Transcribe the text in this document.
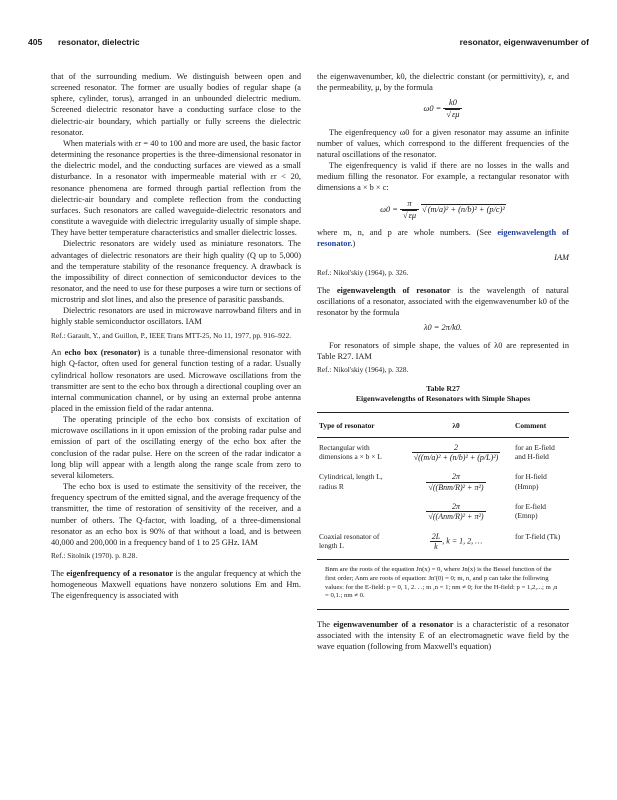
405 resonator, dielectric	resonator, eigenwavenumber of

that of the surrounding medium. We distinguish between open and screened resonator. The former are usually bodies of regular shape (a sphere, cylinder, torus), arranged in an unbounded dielectric medium. Screened dielectric resonator have a conducting surface close to the dielectric-air boundary, which partially or fully screens the dielectric resonator.

When materials with εr = 40 to 100 and more are used, the basic factor determining the resonance properties is the three-dimensional resonator in the dielectric model, and the conducting surfaces are viewed as a small disturbance. In a resonator with impermeable material with εr < 20, resonance phenomena are formed through partial reflection from the dielectric-air boundary and complete reflection from the conducting surfaces. Such resonators are called waveguide-dielectric resonators and constitute a waveguide with dielectric irregularity usually of simple shape. They have better temperature characteristics and smaller dielectric losses.

Dielectric resonators are widely used as miniature resonators. The advantages of dielectric resonators are their high quality (Q up to 5,000) and the temperature stability of the resonance frequency. A drawback is the impossibility of direct connection of semiconductor devices to the resonator, and the need to use for these purposes a wire turn or sections of microstrip and slot lines, and also the presence of parasitic passbands.

Dielectric resonators are used in microwave narrowband filters and in highly stable semiconductor oscillators. IAM

Ref.: Garault, Y., and Guillon, P., IEEE Trans MTT-25, No 11, 1977, pp. 916–922.

An echo box (resonator) is a tunable three-dimensional resonator with high Q-factor, often used for general function testing of a radar. Usually cylindrical hollow resonators are used. Microwave oscillations from the transmitter are sent to the echo box through a directional coupling over an internal communication channel, or by using an external probe antenna placed in the emission field of the radar antenna.

The operating principle of the echo box consists of excitation of microwave oscillations in it upon emission of the probing radar pulse and emission of part of the oscillating energy of the echo box after the conclusion of the radar pulse. Here on the screen of the radar indicator a long blip will appear with a length along the range scale from zero to several kilometers.

The echo box is used to estimate the sensitivity of the receiver, the frequency spectrum of the emitted signal, and the average frequency of the transmitter, the time of restoration of sensitivity of the receiver, and a number of others. The Q-factor, with loading, of a three-dimensional resonator as an echo box is 90% of that without a load, and is between 40,000 and 200,000 in a frequency band of 1 to 25 GHz. IAM

Ref.: Sitolnik (1970). p. 8.28.

The eigenfrequency of a resonator is the angular frequency at which the homogeneous Maxwell equations have nonzero solutions Em and Hm. The eigenfrequency is associated with

the eigenwavenumber, k0, the dielectric constant (or permittivity), ε, and the permeability, μ, by the formula

ω0 = k0
√ εμ

The eigenfrequency ω0 for a given resonator may assume an infinite number of values, which correspond to the different frequencies of the natural oscillations of the resonator.

The eigenfrequency is valid if there are no losses in the walls and medium filling the resonator. For example, a rectangular resonator with dimensions a × b × c:

ω0 = π
√ εμ √ (m/a)² + (n/b)² + (p/c)²

where m, n, and p are whole numbers. (See eigenwavelength of resonator.)

IAM

Ref.: Nikol'skiy (1964), p. 326.

The eigenwavelength of resonator is the wavelength of natural oscillations of a resonator, associated with the eigenwavenumber k0 of the resonator by the formula

λ0 = 2π/k0.

For resonators of simple shape, the values of λ0 are represented in Table R27. IAM

Ref.: Nikol'skiy (1964), p. 328.

Table R27
Eigenwavelengths of Resonators with Simple Shapes
Type of resonator	λ0	Comment
Rectangular with dimensions a × b × L	$\frac{2}{\text{√((m/a)² + (n/b)² + (p/L)²)}}$	for an E-field and H-field
Cylindrical, length L, radius R	$\frac{2\pi}{\text{√((Bnm/R)² + π²)}}$	for H-field (Hmnp)

	$\frac{2\pi}{\text{√((Anm/R)² + π²)}}$	for E-field (Emnp)
Coaxial resonator of length L	$\frac{2L}{k}$ , k = 1, 2, …	for T-field (Tk)
Bnm are the roots of the equation Jn(x) = 0, where Jn(x) is the Bessel function of the first order; Anm are roots of equation: Jn'(0) = 0; m, n, and p can take the following values: for the E-field: p = 0, 1, 2. . .; m ,n = 1; nm ≠ 0; for the H-field: p = 1,2,...; m ,n = 0,1.; nm ≠ 0.		

The eigenwavenumber of a resonator is a characteristic of a resonator associated with the intensity E of an electromagnetic wave field by the wave equation (following from Maxwell's equation)
